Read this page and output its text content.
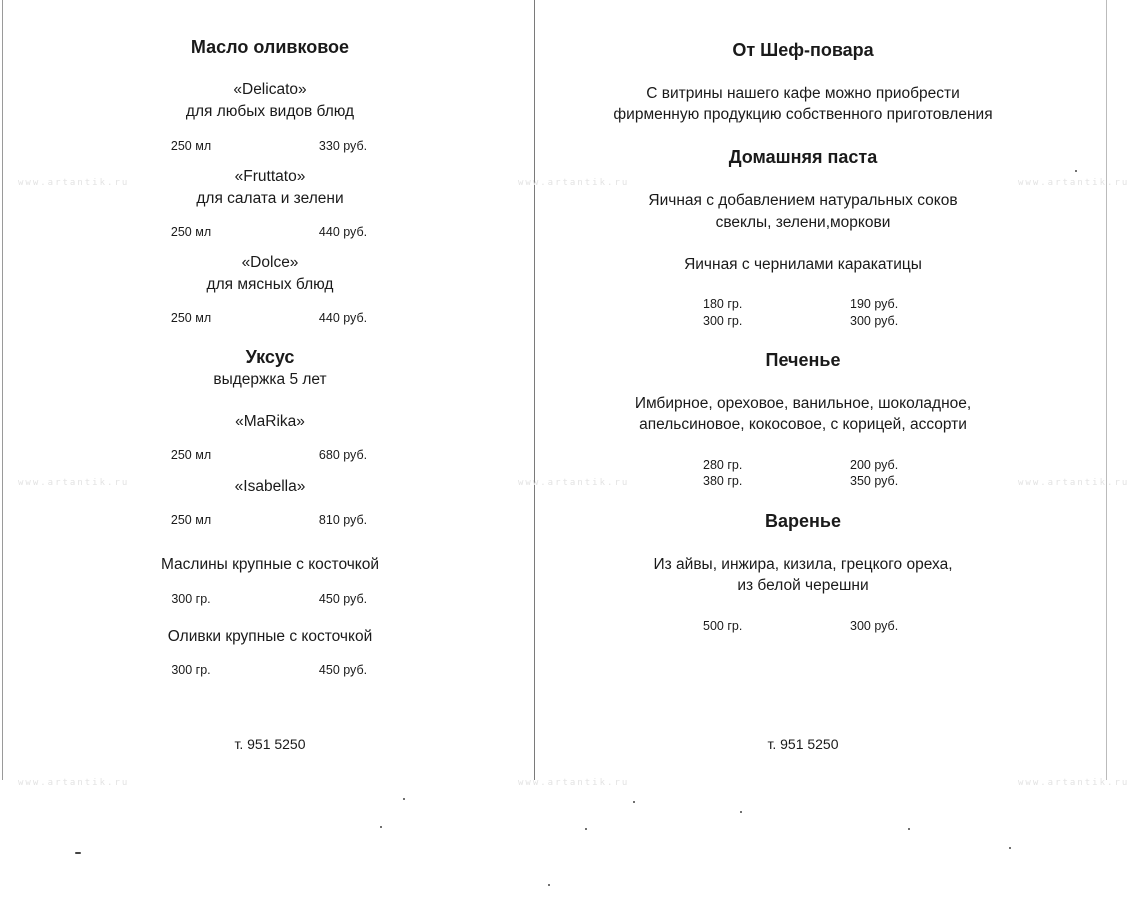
www.artantik.ru	www.artantik.ru	www.artantik.ru
www.artantik.ru	www.artantik.ru	www.artantik.ru
www.artantik.ru	www.artantik.ru	www.artantik.ru
Масло оливковое
«Delicato»
для любых видов блюд
250 мл	330 руб.
«Fruttato»
для салата и зелени
250 мл	440 руб.
«Dolce»
для мясных блюд
250 мл	440 руб.
Уксус
выдержка 5 лет
«MaRika»
250 мл	680 руб.
«Isabella»
250 мл	810 руб.
Маслины крупные с косточкой
300 гр.	450 руб.
Оливки крупные с косточкой
300 гр.	450 руб.
т. 951 5250
От Шеф-повара
С витрины нашего кафе можно приобрести
фирменную продукцию собственного приготовления
Домашняя паста
Яичная с добавлением натуральных соков
свеклы, зелени,моркови
Яичная с чернилами каракатицы
180 гр.	190 руб.
300 гр.	300 руб.
Печенье
Имбирное, ореховое, ванильное, шоколадное,
апельсиновое, кокосовое, с корицей, ассорти
280 гр.	200 руб.
380 гр.	350 руб.
Варенье
Из айвы, инжира, кизила, грецкого ореха,
из белой черешни
500 гр.	300 руб.
т. 951 5250
